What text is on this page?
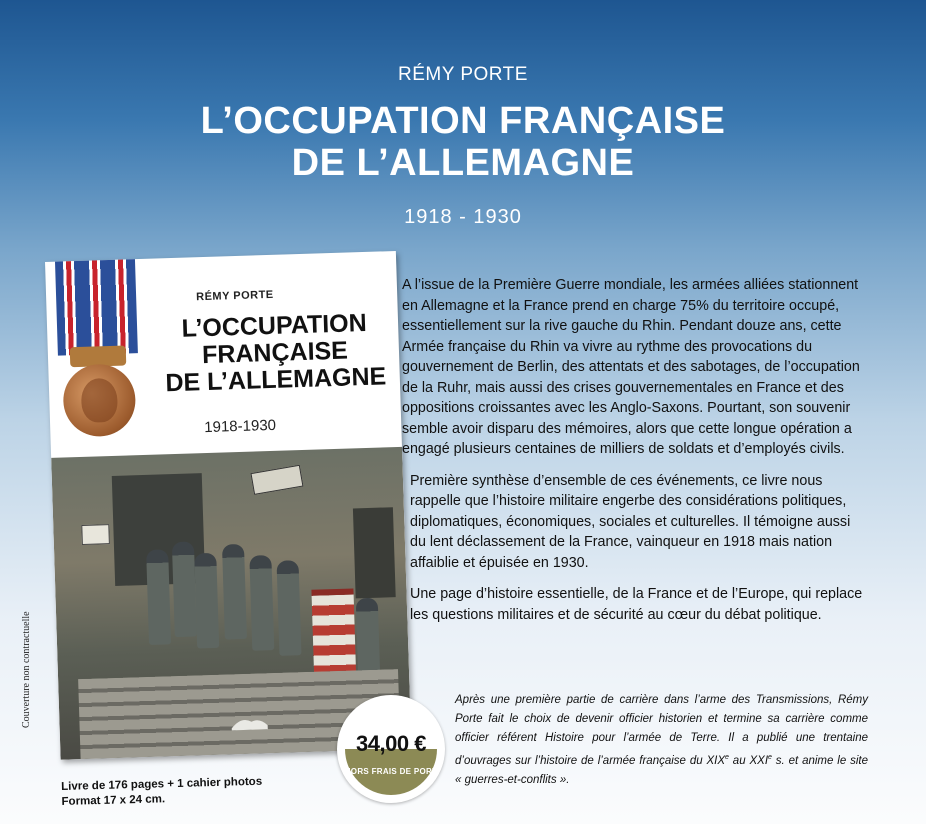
RÉMY PORTE
L’OCCUPATION FRANÇAISE
DE L’ALLEMAGNE
1918 - 1930
RÉMY PORTE
L’OCCUPATION
FRANÇAISE
DE L’ALLEMAGNE
1918-1930
Couverture non contractuelle

A l’issue de la Première Guerre mondiale, les armées alliées stationnent en Allemagne et la France prend en charge 75% du territoire occupé, essentiellement sur la rive gauche du Rhin. Pendant douze ans, cette Armée française du Rhin va vivre au rythme des provocations du gouvernement de Berlin, des attentats et des sabotages, de l’occupation de la Ruhr, mais aussi des crises gouvernementales en France et des oppositions croissantes avec les Anglo-Saxons. Pourtant, son souvenir semble avoir disparu des mémoires, alors que cette longue opération a engagé plusieurs centaines de milliers de soldats et d’employés civils.

Première synthèse d’ensemble de ces événements, ce livre nous rappelle que l’histoire militaire engerbe des considérations politiques, diplomatiques, économiques, sociales et culturelles. Il témoigne aussi du lent déclassement de la France, vainqueur en 1918 mais nation affaiblie et épuisée en 1930.

Une page d’histoire essentielle, de la France et de l’Europe, qui replace les questions militaires et de sécurité au cœur du débat politique.

34,00 €
HORS FRAIS DE PORT
Après une première partie de carrière dans l’arme des Transmissions, Rémy Porte fait le choix de devenir officier historien et termine sa carrière comme officier référent Histoire pour l’armée de Terre. Il a publié une trentaine d’ouvrages sur l’histoire de l’armée française du XIXe au XXIe s. et anime le site « guerres-et-conflits ».
Livre de 176 pages + 1 cahier photos
Format 17 x 24 cm.
